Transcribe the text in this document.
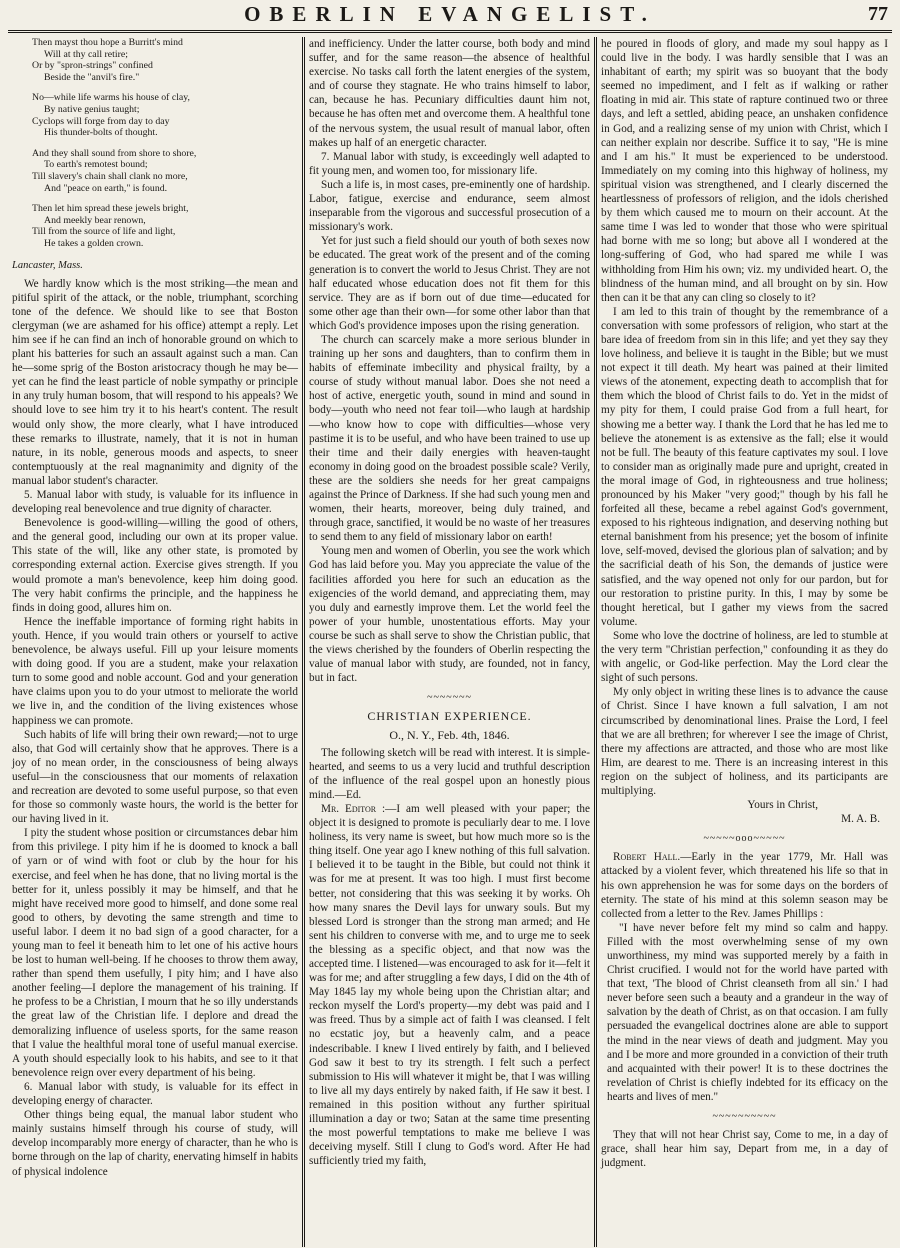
OBERLIN EVANGELIST.	77
Then mayst thou hope a Burritt's mind
Will at thy call retire;
Or by "spron-strings" confined
Beside the "anvil's fire."
No—while life warms his house of clay,
By native genius taught;
Cyclops will forge from day to day
His thunder-bolts of thought.
And they shall sound from shore to shore,
To earth's remotest bound;
Till slavery's chain shall clank no more,
And "peace on earth," is found.
Then let him spread these jewels bright,
And meekly bear renown,
Till from the source of life and light,
He takes a golden crown.

Lancaster, Mass.

We hardly know which is the most striking—the mean and pitiful spirit of the attack, or the noble, triumphant, scorching tone of the defence. We should like to see that Boston clergyman (we are ashamed for his office) attempt a reply. Let him see if he can find an inch of honorable ground on which to plant his batteries for such an assault against such a man. Can he—some sprig of the Boston aristocracy though he may be—yet can he find the least particle of noble sympathy or principle in any truly human bosom, that will respond to his appeals? We should love to see him try it to his heart's content. The result would only show, the more clearly, what I have introduced these remarks to illustrate, namely, that it is not in human nature, in its noble, generous moods and aspects, to sneer contemptuously at the real magnanimity and dignity of the manual labor student's character.

5. Manual labor with study, is valuable for its influence in developing real benevolence and true dignity of character.

Benevolence is good-willing—willing the good of others, and the general good, including our own at its proper value. This state of the will, like any other state, is promoted by corresponding external action. Exercise gives strength. If you would promote a man's benevolence, keep him doing good. The very habit confirms the principle, and the happiness he finds in doing good, allures him on.

Hence the ineffable importance of forming right habits in youth. Hence, if you would train others or yourself to active benevolence, be always useful. Fill up your leisure moments with doing good. If you are a student, make your relaxation turn to some good and noble account. God and your generation have claims upon you to do your utmost to meliorate the world we live in, and the condition of the living existences whose happiness we can promote.

Such habits of life will bring their own reward;—not to urge also, that God will certainly show that he approves. There is a joy of no mean order, in the consciousness of being always useful—in the consciousness that our moments of relaxation and recreation are devoted to some useful purpose, so that even for those so commonly waste hours, the world is the better for our having lived in it.

I pity the student whose position or circumstances debar him from this privilege. I pity him if he is doomed to knock a ball of yarn or of wind with foot or club by the hour for his exercise, and feel when he has done, that no living mortal is the better for it, unless possibly it may be himself, and that he might have received more good to himself, and done some real good to others, by devoting the same strength and time to useful labor. I deem it no bad sign of a good character, for a young man to feel it beneath him to let one of his active hours be lost to human well-being. If he chooses to throw them away, rather than spend them usefully, I pity him; and I have also another feeling—I deplore the management of his training. If he profess to be a Christian, I mourn that he so illy understands the great law of the Christian life. I deplore and dread the demoralizing influence of useless sports, for the same reason that I value the healthful moral tone of useful manual exercise. A youth should especially look to his habits, and see to it that benevolence reign over every department of his being.

6. Manual labor with study, is valuable for its effect in developing energy of character.

Other things being equal, the manual labor student who mainly sustains himself through his course of study, will develop incomparably more energy of character, than he who is borne through on the lap of charity, enervating himself in habits of physical indolence

and inefficiency. Under the latter course, both body and mind suffer, and for the same reason—the absence of healthful exercise. No tasks call forth the latent energies of the system, and of course they stagnate. He who trains himself to labor, can, because he has. Pecuniary difficulties daunt him not, because he has often met and overcome them. A healthful tone of the nervous system, the usual result of manual labor, often makes up half of an energetic character.

7. Manual labor with study, is exceedingly well adapted to fit young men, and women too, for missionary life.

Such a life is, in most cases, pre-eminently one of hardship. Labor, fatigue, exercise and endurance, seem almost inseparable from the vigorous and successful prosecution of a missionary's work.

Yet for just such a field should our youth of both sexes now be educated. The great work of the present and of the coming generation is to convert the world to Jesus Christ. They are not half educated whose education does not fit them for this service. They are as if born out of due time—educated for some other age than their own—for some other labor than that which God's providence imposes upon the rising generation.

The church can scarcely make a more serious blunder in training up her sons and daughters, than to confirm them in habits of effeminate imbecility and physical frailty, by a course of study without manual labor. Does she not need a host of active, energetic youth, sound in mind and sound in body—youth who need not fear toil—who laugh at hardship—who know how to cope with difficulties—whose very pastime it is to be useful, and who have been trained to use up their time and their daily energies with heaven-taught economy in doing good on the broadest possible scale? Verily, these are the soldiers she needs for her great campaigns against the Prince of Darkness. If she had such young men and women, their hearts, moreover, being duly trained, and through grace, sanctified, it would be no waste of her treasures to send them to any field of missionary labor on earth!

Young men and women of Oberlin, you see the work which God has laid before you. May you appreciate the value of the facilities afforded you here for such an education as the exigencies of the world demand, and appreciating them, may you duly and earnestly improve them. Let the world feel the power of your humble, unostentatious efforts. May your course be such as shall serve to show the Christian public, that the views cherished by the founders of Oberlin respecting the value of manual labor with study, are founded, not in fancy, but in fact.

~~~~~~~
CHRISTIAN EXPERIENCE.
O., N. Y., Feb. 4th, 1846.

The following sketch will be read with interest. It is simple-hearted, and seems to us a very lucid and truthful description of the influence of the real gospel upon an honestly pious mind.—Ed.

Mr. Editor :—I am well pleased with your paper; the object it is designed to promote is peculiarly dear to me. I love holiness, its very name is sweet, but how much more so is the thing itself. One year ago I knew nothing of this full salvation. I believed it to be taught in the Bible, but could not think it was for me at present. It was too high. I must first become better, not considering that this was seeking it by works. Oh how many snares the Devil lays for unwary souls. But my blessed Lord is stronger than the strong man armed; and He sent his children to converse with me, and to urge me to seek the blessing as a specific object, and that now was the accepted time. I listened—was encouraged to ask for it—felt it was for me; and after struggling a few days, I did on the 4th of May 1845 lay my whole being upon the Christian altar; and reckon myself the Lord's property—my debt was paid and I was freed. Thus by a simple act of faith I was cleansed. I felt no ecstatic joy, but a heavenly calm, and a peace indescribable. I knew I lived entirely by faith, and I believed God saw it best to try its strength. I felt such a perfect submission to His will whatever it might be, that I was willing to live all my days entirely by naked faith, if He saw it best. I remained in this position without any further spiritual illumination a day or two; Satan at the same time presenting the most powerful temptations to make me believe I was deceiving myself. Still I clung to God's word. After He had sufficiently tried my faith,

he poured in floods of glory, and made my soul happy as I could live in the body. I was hardly sensible that I was an inhabitant of earth; my spirit was so buoyant that the body seemed no impediment, and I felt as if walking or rather floating in mid air. This state of rapture continued two or three days, and left a settled, abiding peace, an unshaken confidence in God, and a realizing sense of my union with Christ, which I can neither explain nor describe. Suffice it to say, "He is mine and I am his." It must be experienced to be understood. Immediately on my coming into this highway of holiness, my spiritual vision was strengthened, and I clearly discerned the heartlessness of professors of religion, and the idols cherished by them which caused me to mourn on their account. At the same time I was led to wonder that those who were spiritual had borne with me so long; but above all I wondered at the long-suffering of God, who had spared me while I was withholding from Him his own; viz. my undivided heart. O, the blindness of the human mind, and all brought on by sin. How then can it be that any can cling so closely to it?

I am led to this train of thought by the remembrance of a conversation with some professors of religion, who start at the bare idea of freedom from sin in this life; and yet they say they love holiness, and believe it is taught in the Bible; but we must not expect it till death. My heart was pained at their limited views of the atonement, expecting death to accomplish that for them which the blood of Christ fails to do. Yet in the midst of my pity for them, I could praise God from a full heart, for showing me a better way. I thank the Lord that he has led me to believe the atonement is as extensive as the fall; else it would not be full. The beauty of this feature captivates my soul. I love to consider man as originally made pure and upright, created in the moral image of God, in righteousness and true holiness; pronounced by his Maker "very good;" though by his fall he forfeited all these, became a rebel against God's government, exposed to his righteous indignation, and deserving nothing but eternal banishment from his presence; yet the bosom of infinite love, self-moved, devised the glorious plan of salvation; and by the sacrificial death of his Son, the demands of justice were satisfied, and the way opened not only for our pardon, but for our restoration to pristine purity. In this, I may by some be thought heretical, but I gather my views from the sacred volume.

Some who love the doctrine of holiness, are led to stumble at the very term "Christian perfection," confounding it as they do with angelic, or God-like perfection. May the Lord clear the sight of such persons.

My only object in writing these lines is to advance the cause of Christ. Since I have known a full salvation, I am not circumscribed by denominational lines. Praise the Lord, I feel that we are all brethren; for wherever I see the image of Christ, there my affections are attracted, and those who are most like Him, are dearest to me. There is an increasing interest in this region on the subject of holiness, and its participants are multiplying.

Yours in Christ,

M. A. B.

~~~~~ooo~~~~~

Robert Hall.—Early in the year 1779, Mr. Hall was attacked by a violent fever, which threatened his life so that in his own apprehension he was for some days on the borders of eternity. The state of his mind at this solemn season may be collected from a letter to the Rev. James Phillips :

"I have never before felt my mind so calm and happy. Filled with the most overwhelming sense of my own unworthiness, my mind was supported merely by a faith in Christ crucified. I would not for the world have parted with that text, 'The blood of Christ cleanseth from all sin.' I had never before seen such a beauty and a grandeur in the way of salvation by the death of Christ, as on that occasion. I am fully persuaded the evangelical doctrines alone are able to support the mind in the near views of death and judgment. May you and I be more and more grounded in a conviction of their truth and acquainted with their power! It is to these doctrines the revelation of Christ is chiefly indebted for its efficacy on the hearts and lives of men."

~~~~~~~~~~

They that will not hear Christ say, Come to me, in a day of grace, shall hear him say, Depart from me, in a day of judgment.
